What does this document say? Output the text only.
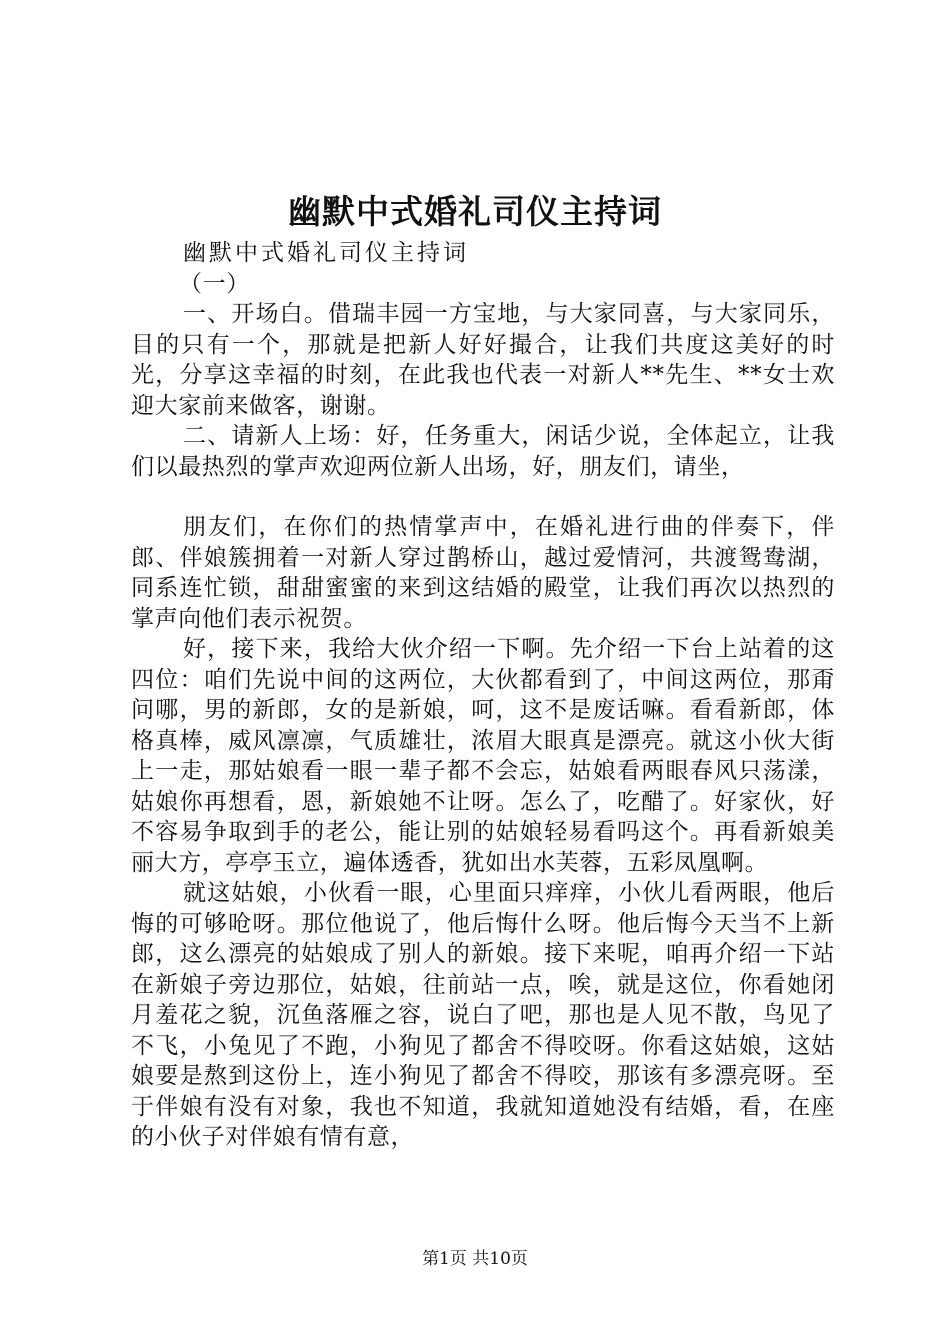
幽默中式婚礼司仪主持词

幽默中式婚礼司仪主持词

（一）

一、开场白。借瑞丰园一方宝地，与大家同喜，与大家同乐，目的只有一个，那就是把新人好好撮合，让我们共度这美好的时光，分享这幸福的时刻，在此我也代表一对新人**先生、**女士欢迎大家前来做客，谢谢。

二、请新人上场：好，任务重大，闲话少说，全体起立，让我们以最热烈的掌声欢迎两位新人出场，好，朋友们，请坐，

朋友们，在你们的热情掌声中，在婚礼进行曲的伴奏下，伴郎、伴娘簇拥着一对新人穿过鹊桥山，越过爱情河，共渡鸳鸯湖，同系连忙锁，甜甜蜜蜜的来到这结婚的殿堂，让我们再次以热烈的掌声向他们表示祝贺。

好，接下来，我给大伙介绍一下啊。先介绍一下台上站着的这四位：咱们先说中间的这两位，大伙都看到了，中间这两位，那甭问哪，男的新郎，女的是新娘，呵，这不是废话嘛。看看新郎，体格真棒，威风凛凛，气质雄壮，浓眉大眼真是漂亮。就这小伙大街上一走，那姑娘看一眼一辈子都不会忘，姑娘看两眼春风只荡漾，姑娘你再想看，恩，新娘她不让呀。怎么了，吃醋了。好家伙，好不容易争取到手的老公，能让别的姑娘轻易看吗这个。再看新娘美丽大方，亭亭玉立，遍体透香，犹如出水芙蓉，五彩凤凰啊。

就这姑娘，小伙看一眼，心里面只痒痒，小伙儿看两眼，他后悔的可够呛呀。那位他说了，他后悔什么呀。他后悔今天当不上新郎，这么漂亮的姑娘成了别人的新娘。接下来呢，咱再介绍一下站在新娘子旁边那位，姑娘，往前站一点，唉，就是这位，你看她闭月羞花之貌，沉鱼落雁之容，说白了吧，那也是人见不散，鸟见了不飞，小兔见了不跑，小狗见了都舍不得咬呀。你看这姑娘，这姑娘要是熬到这份上，连小狗见了都舍不得咬，那该有多漂亮呀。至于伴娘有没有对象，我也不知道，我就知道她没有结婚，看，在座的小伙子对伴娘有情有意，

第1页 共10页
